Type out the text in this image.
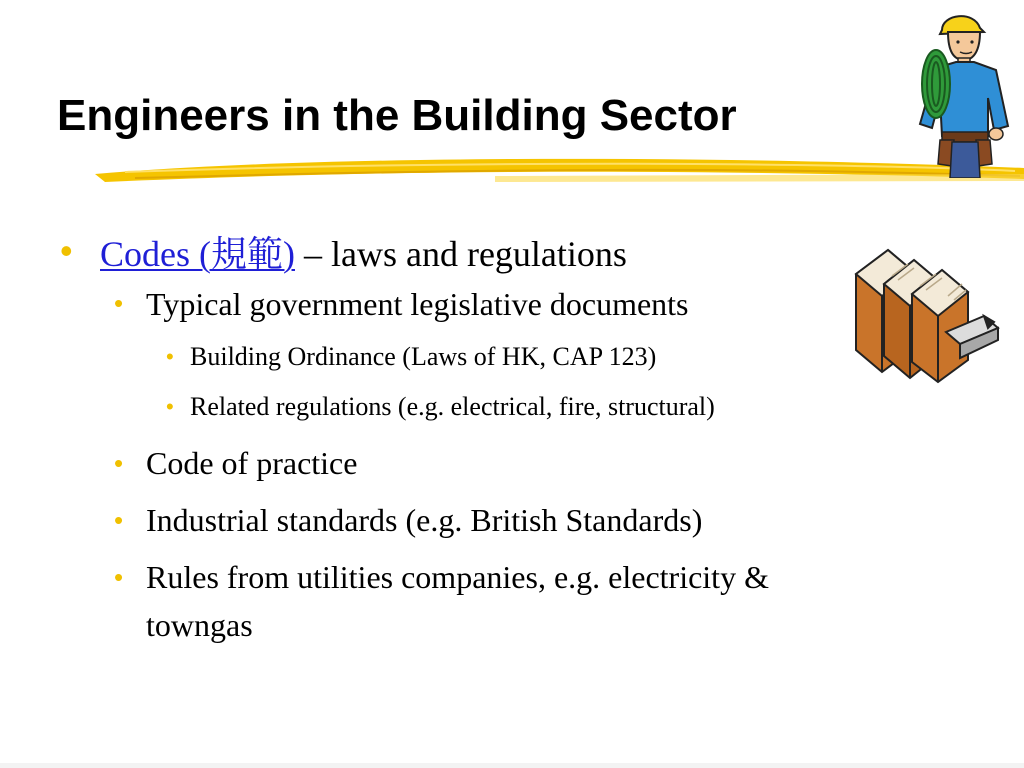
Engineers in the Building Sector
• Codes (規範) – laws and regulations
• Typical government legislative documents
• Building Ordinance (Laws of HK, CAP 123)
• Related regulations (e.g. electrical, fire, structural)
• Code of practice
• Industrial standards (e.g. British Standards)
• Rules from utilities companies, e.g. electricity &
towngas
